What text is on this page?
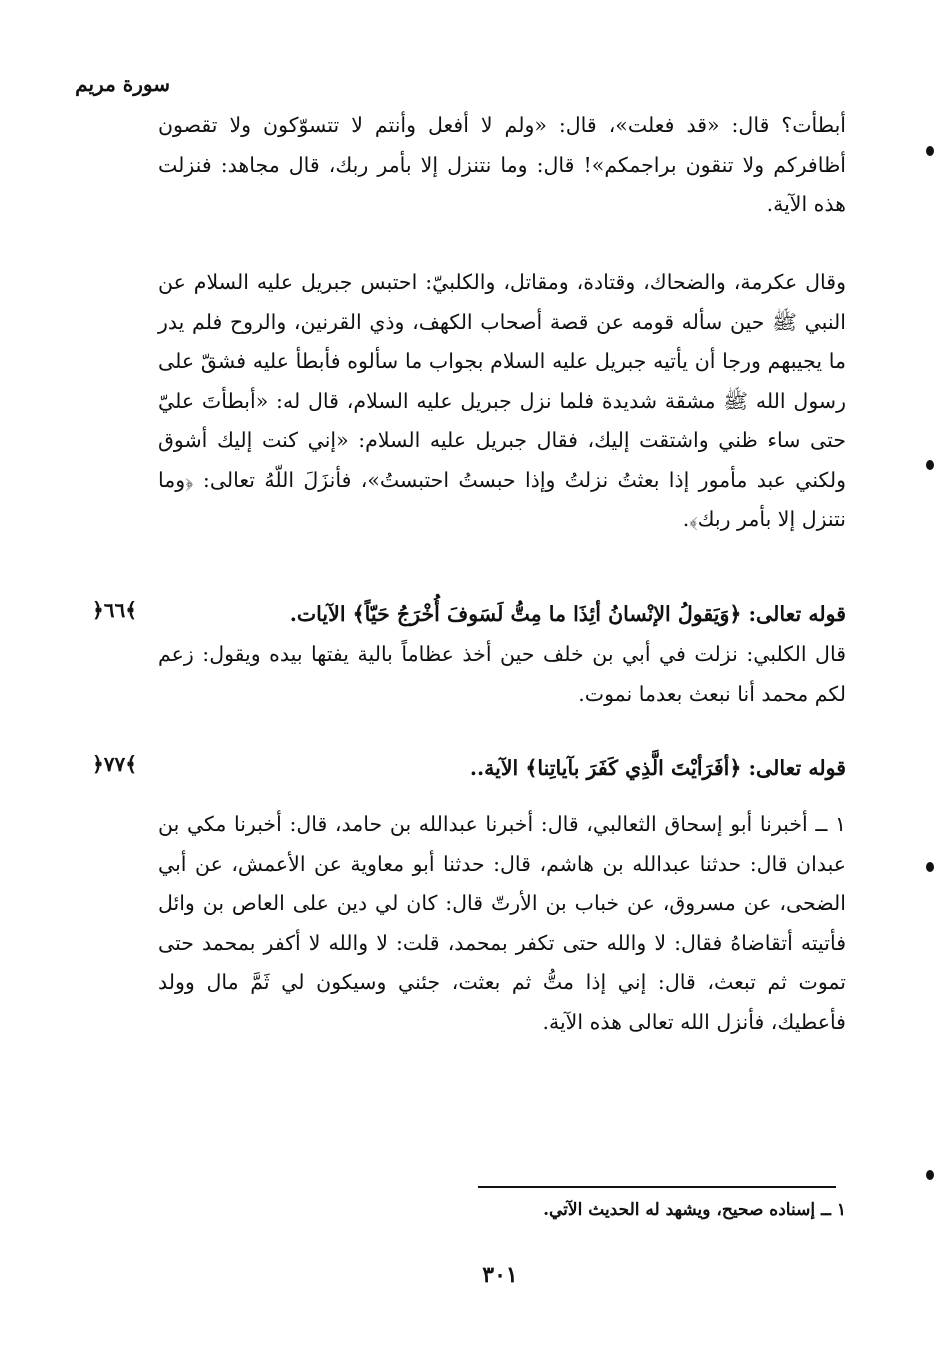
سورة مريم
أبطأت؟ قال: «قد فعلت»، قال: «ولم لا أفعل وأنتم لا تتسوّكون ولا تقصون أظافركم ولا تنقون براجمكم»! قال: وما نتنزل إلا بأمر ربك، قال مجاهد: فنزلت هذه الآية.
وقال عكرمة، والضحاك، وقتادة، ومقاتل، والكلبيّ: احتبس جبريل عليه السلام عن النبي ﷺ حين سأله قومه عن قصة أصحاب الكهف، وذي القرنين، والروح فلم يدر ما يجيبهم ورجا أن يأتيه جبريل عليه السلام بجواب ما سألوه فأبطأ عليه فشقّ على رسول الله ﷺ مشقة شديدة فلما نزل جبريل عليه السلام، قال له: «أبطأتَ عليّ حتى ساء ظني واشتقت إليك، فقال جبريل عليه السلام: «إني كنت إليك أشوق ولكني عبد مأمور إذا بعثتُ نزلتُ وإذا حبستُ احتبستُ»، فأنزَلَ اللّهُ تعالى: ﴿وما نتنزل إلا بأمر ربك﴾.
قوله تعالى: ﴿وَيَقولُ الإنْسانُ أئِذَا ما مِتُّ لَسَوفَ أُخْرَجُ حَيّاً﴾ الآيات.
﴿٦٦﴾
قال الكلبي: نزلت في أبي بن خلف حين أخذ عظاماً بالية يفتها بيده ويقول: زعم لكم محمد أنا نبعث بعدما نموت.
قوله تعالى: ﴿أفَرَأيْتَ الَّذِي كَفَرَ بآياتِنا﴾ الآية..
﴿٧٧﴾
١ ــ أخبرنا أبو إسحاق الثعالبي، قال: أخبرنا عبدالله بن حامد، قال: أخبرنا مكي بن عبدان قال: حدثنا عبدالله بن هاشم، قال: حدثنا أبو معاوية عن الأعمش، عن أبي الضحى، عن مسروق، عن خباب بن الأرتّ قال: كان لي دين على العاص بن وائل فأتيته أتقاضاهُ فقال: لا والله حتى تكفر بمحمد، قلت: لا والله لا أكفر بمحمد حتى تموت ثم تبعث، قال: إني إذا متُّ ثم بعثت، جئني وسيكون لي ثَمَّ مال وولد فأعطيك، فأنزل الله تعالى هذه الآية.
١ ــ إسناده صحيح، ويشهد له الحديث الآتي.
٣٠١
